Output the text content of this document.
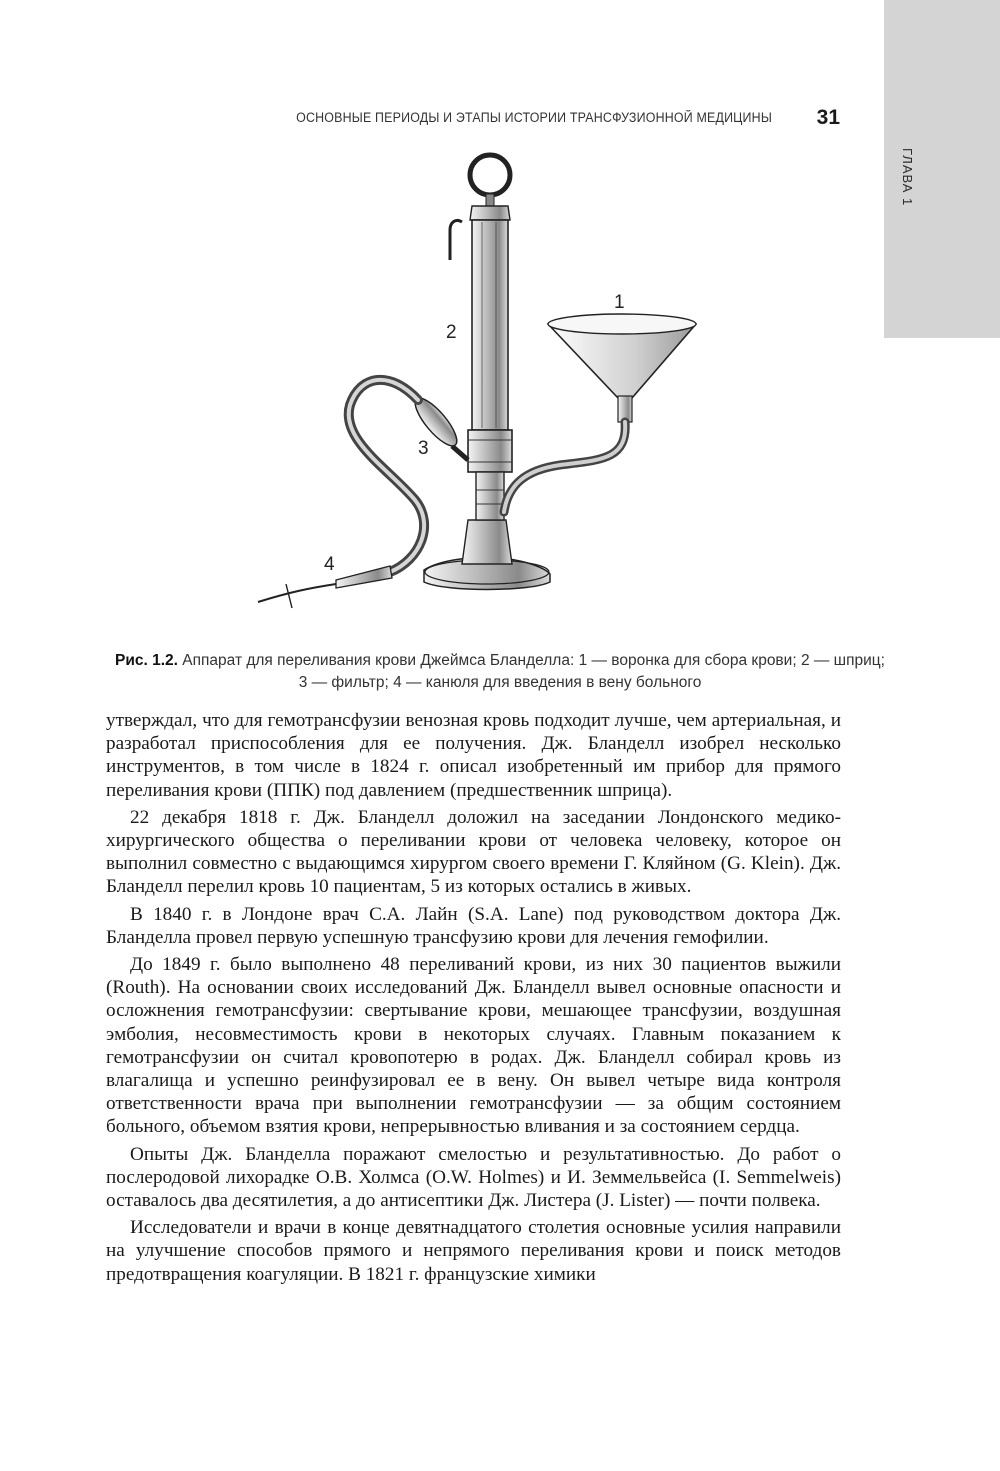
ГЛАВА 1
ОСНОВНЫЕ ПЕРИОДЫ И ЭТАПЫ ИСТОРИИ ТРАНСФУЗИОННОЙ МЕДИЦИНЫ	31
1
2
3
4
Рис. 1.2. Аппарат для переливания крови Джеймса Бланделла: 1 — воронка для сбора крови; 2 — шприц; 3 — фильтр; 4 — канюля для введения в вену больного

утверждал, что для гемотрансфузии венозная кровь подходит лучше, чем артериальная, и разработал приспособления для ее получения. Дж. Бланделл изобрел несколько инструментов, в том числе в 1824 г. описал изобретенный им прибор для прямого переливания крови (ППК) под давлением (предшественник шприца).

22 декабря 1818 г. Дж. Бланделл доложил на заседании Лондонского медико-хирургического общества о переливании крови от человека человеку, которое он выполнил совместно с выдающимся хирургом своего времени Г. Кляйном (G. Klein). Дж. Бланделл перелил кровь 10 пациентам, 5 из которых остались в живых.

В 1840 г. в Лондоне врач С.А. Лайн (S.A. Lane) под руководством доктора Дж. Бланделла провел первую успешную трансфузию крови для лечения гемофилии.

До 1849 г. было выполнено 48 переливаний крови, из них 30 пациентов выжили (Routh). На основании своих исследований Дж. Бланделл вывел основные опасности и осложнения гемотрансфузии: свертывание крови, мешающее трансфузии, воздушная эмболия, несовместимость крови в некоторых случаях. Главным показанием к гемотрансфузии он считал кровопотерю в родах. Дж. Бланделл собирал кровь из влагалища и успешно реинфузировал ее в вену. Он вывел четыре вида контроля ответственности врача при выполнении гемотрансфузии — за общим состоянием больного, объемом взятия крови, непрерывностью вливания и за состоянием сердца.

Опыты Дж. Бланделла поражают смелостью и результативностью. До работ о послеродовой лихорадке О.В. Холмса (O.W. Holmes) и И. Земмельвейса (I. Semmelweis) оставалось два десятилетия, а до антисептики Дж. Листера (J. Lister) — почти полвека.

Исследователи и врачи в конце девятнадцатого столетия основные усилия направили на улучшение способов прямого и непрямого переливания крови и поиск методов предотвращения коагуляции. В 1821 г. французские химики
